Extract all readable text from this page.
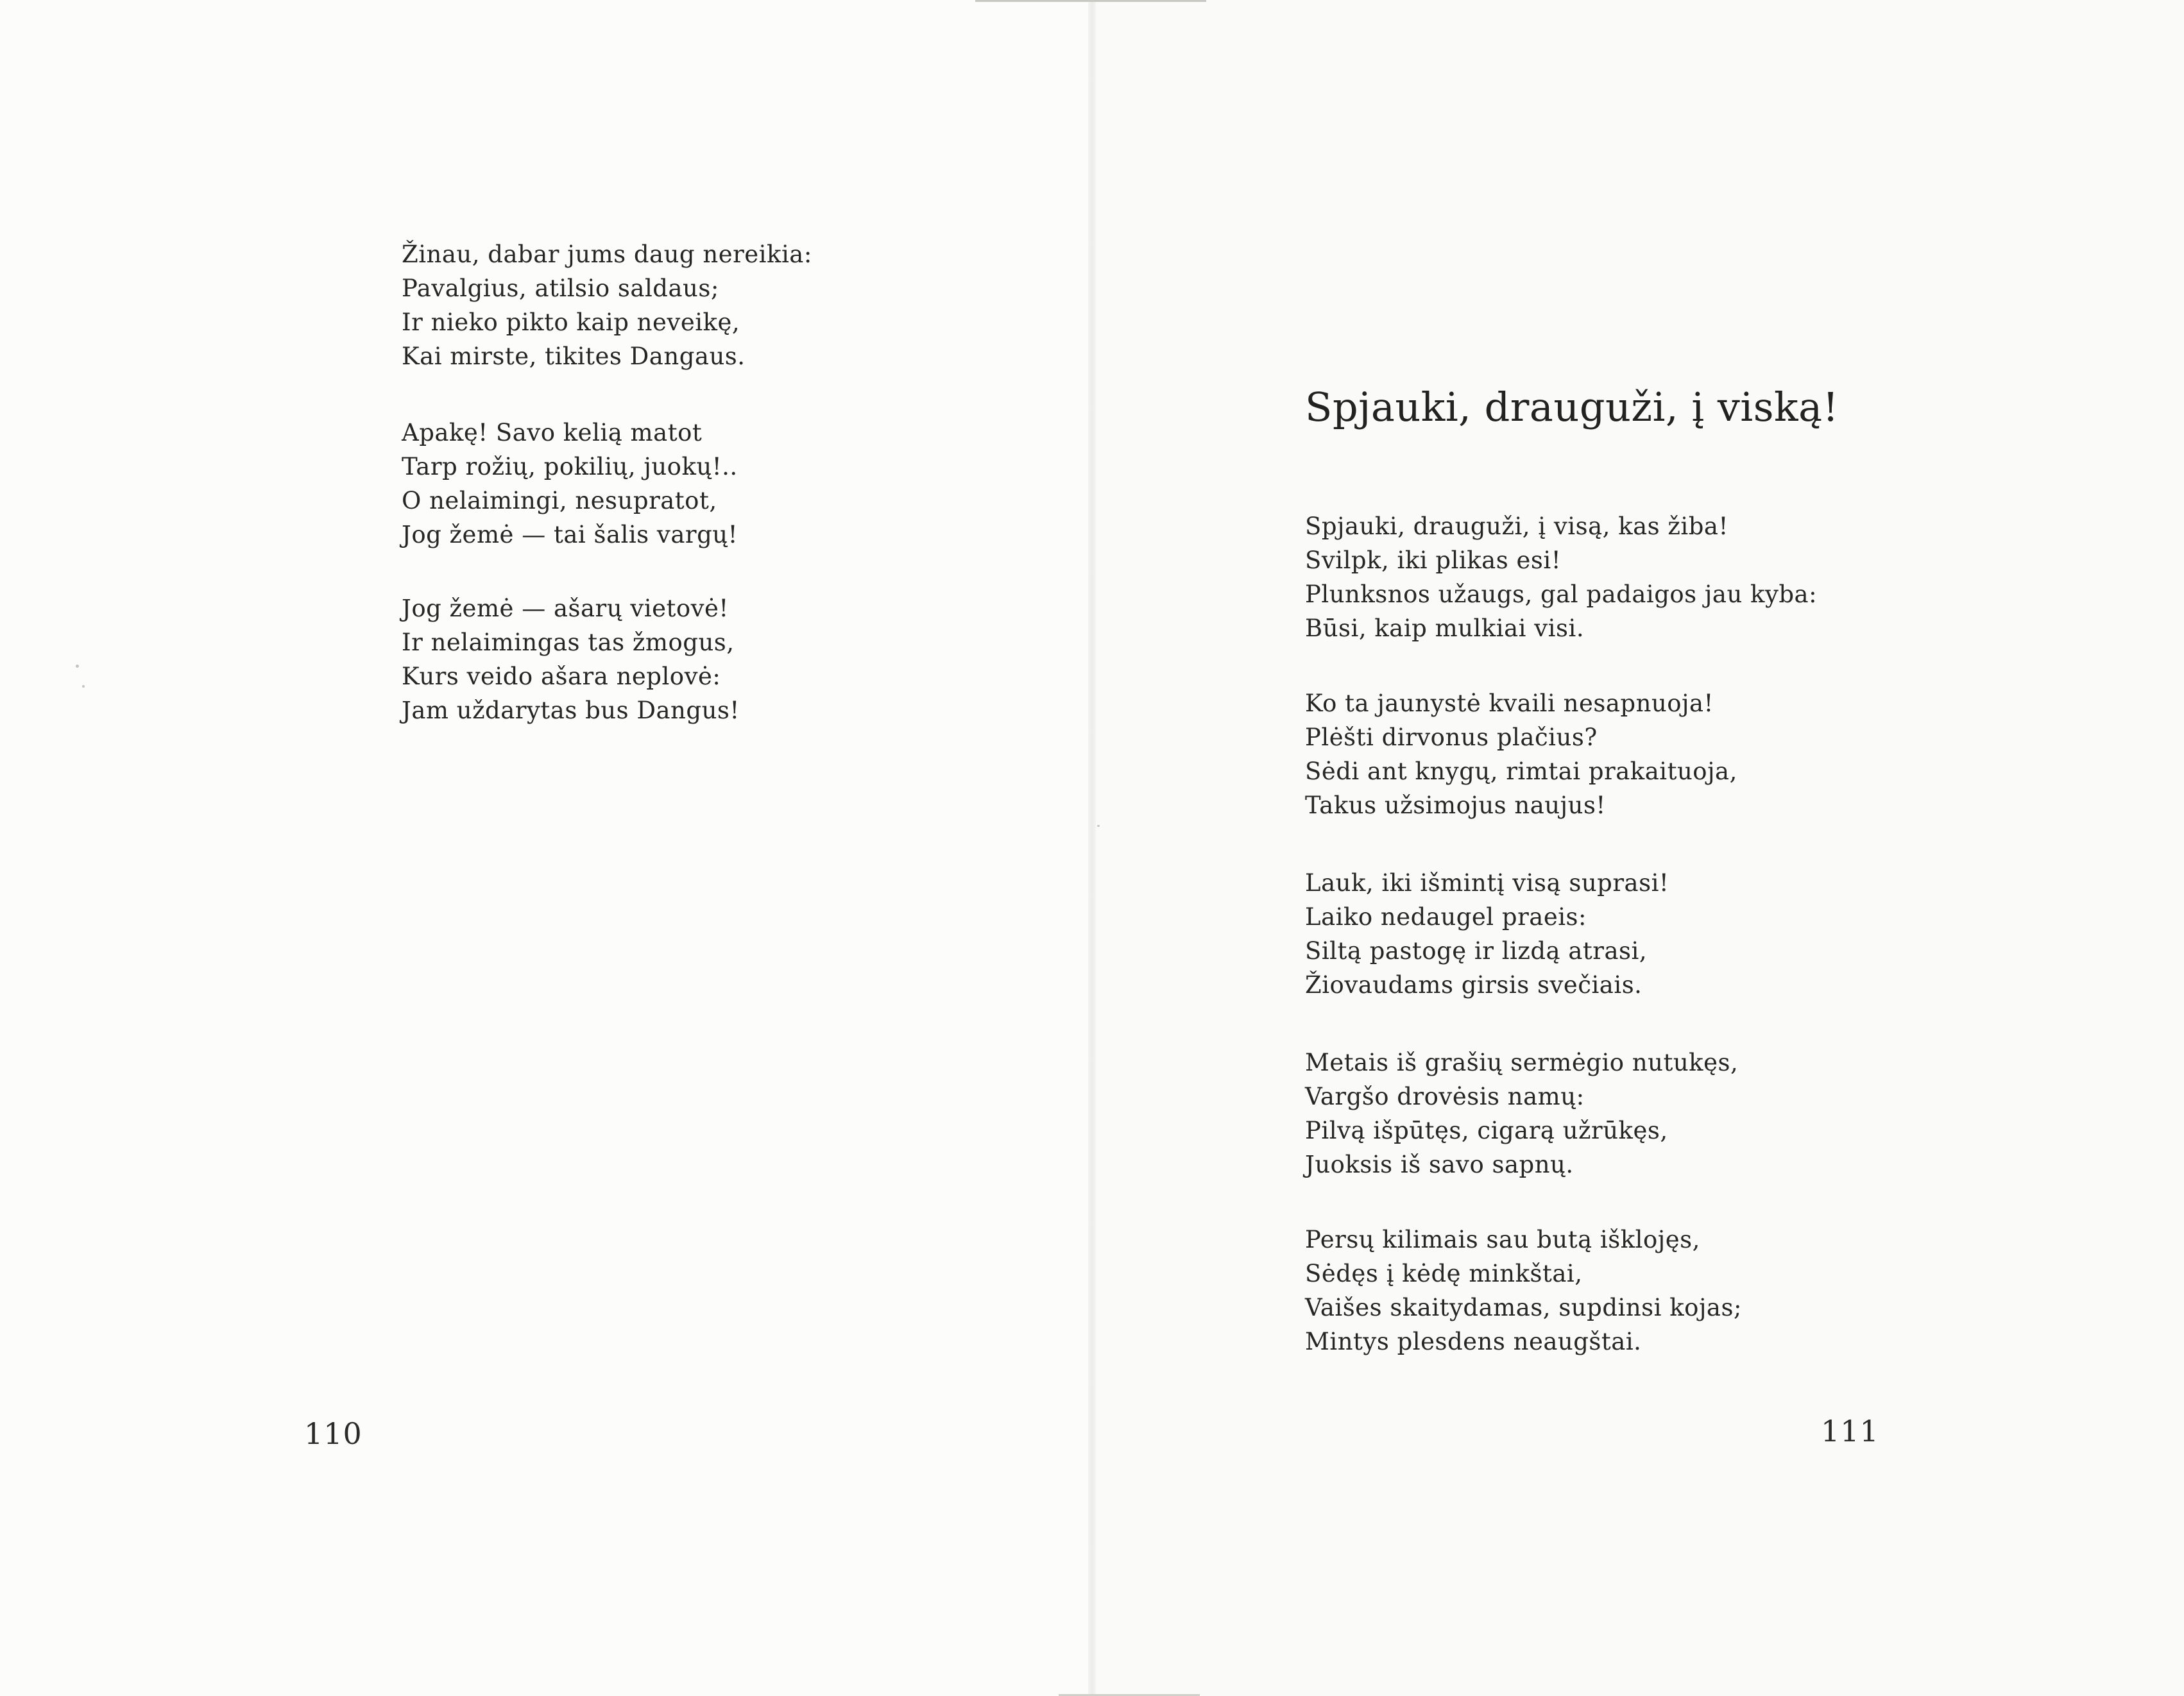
Žinau, dabar jums daug nereikia:
Pavalgius, atilsio saldaus;
Ir nieko pikto kaip neveikę,
Kai mirste, tikites Dangaus.
Apakę! Savo kelią matot
Tarp rožių, pokilių, juokų!..
O nelaimingi, nesupratot,
Jog žemė — tai šalis vargų!
Jog žemė — ašarų vietovė!
Ir nelaimingas tas žmogus,
Kurs veido ašara neplovė:
Jam uždarytas bus Dangus!
110
Spjauki, drauguži, į viską!
Spjauki, drauguži, į visą, kas žiba!
Svilpk, iki plikas esi!
Plunksnos užaugs, gal padaigos jau kyba:
Būsi, kaip mulkiai visi.
Ko ta jaunystė kvaili nesapnuoja!
Plėšti dirvonus plačius?
Sėdi ant knygų, rimtai prakaituoja,
Takus užsimojus naujus!
Lauk, iki išmintį visą suprasi!
Laiko nedaugel praeis:
Siltą pastogę ir lizdą atrasi,
Žiovaudams girsis svečiais.
Metais iš grašių sermėgio nutukęs,
Vargšo drovėsis namų:
Pilvą išpūtęs, cigarą užrūkęs,
Juoksis iš savo sapnų.
Persų kilimais sau butą išklojęs,
Sėdęs į kėdę minkštai,
Vaišes skaitydamas, supdinsi kojas;
Mintys plesdens neaugštai.
111
